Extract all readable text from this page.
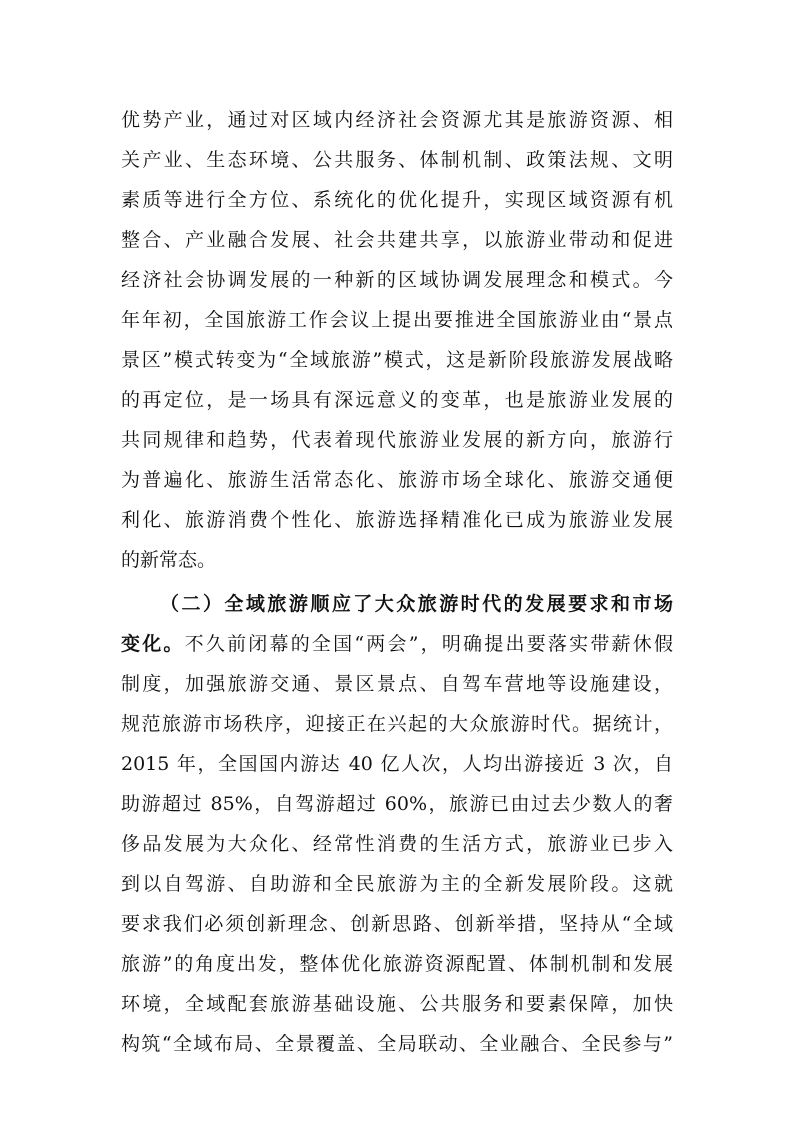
优势产业，通过对区域内经济社会资源尤其是旅游资源、相
关产业、生态环境、公共服务、体制机制、政策法规、文明
素质等进行全方位、系统化的优化提升，实现区域资源有机
整合、产业融合发展、社会共建共享，以旅游业带动和促进
经济社会协调发展的一种新的区域协调发展理念和模式。今
年年初，全国旅游工作会议上提出要推进全国旅游业由“景点
景区”模式转变为“全域旅游”模式，这是新阶段旅游发展战略
的再定位，是一场具有深远意义的变革，也是旅游业发展的
共同规律和趋势，代表着现代旅游业发展的新方向，旅游行
为普遍化、旅游生活常态化、旅游市场全球化、旅游交通便
利化、旅游消费个性化、旅游选择精准化已成为旅游业发展
的新常态。
（二）全域旅游顺应了大众旅游时代的发展要求和市场
变化。不久前闭幕的全国“两会”，明确提出要落实带薪休假
制度，加强旅游交通、景区景点、自驾车营地等设施建设，
规范旅游市场秩序，迎接正在兴起的大众旅游时代。据统计，
2015 年，全国国内游达 40 亿人次，人均出游接近 3 次，自
助游超过 85%，自驾游超过 60%，旅游已由过去少数人的奢
侈品发展为大众化、经常性消费的生活方式，旅游业已步入
到以自驾游、自助游和全民旅游为主的全新发展阶段。这就
要求我们必须创新理念、创新思路、创新举措，坚持从“全域
旅游”的角度出发，整体优化旅游资源配置、体制机制和发展
环境，全域配套旅游基础设施、公共服务和要素保障，加快
构筑“全域布局、全景覆盖、全局联动、全业融合、全民参与”
